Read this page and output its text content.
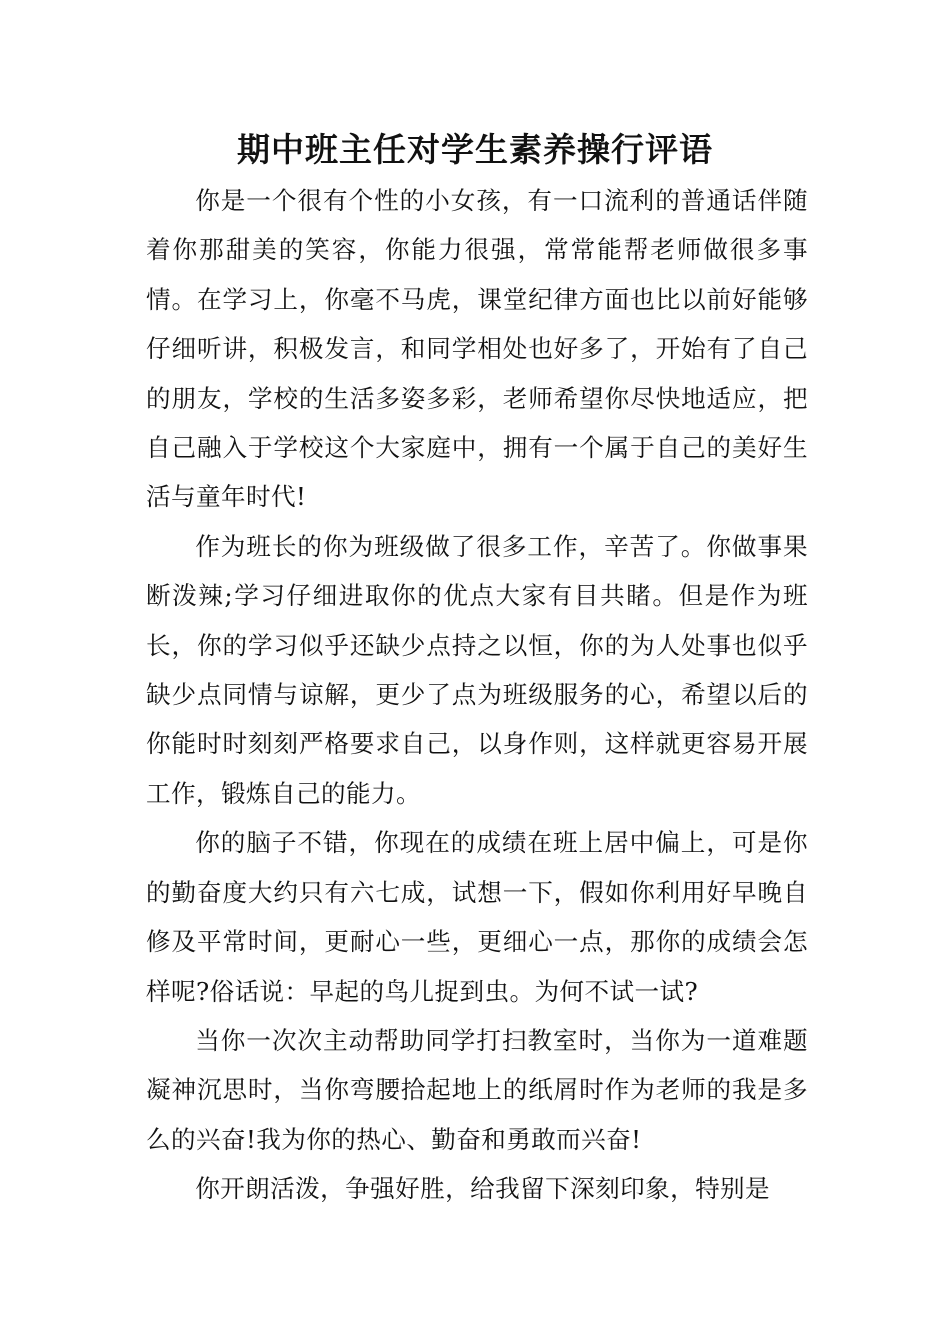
期中班主任对学生素养操行评语

你是一个很有个性的小女孩，有一口流利的普通话伴随着你那甜美的笑容，你能力很强，常常能帮老师做很多事情。在学习上，你毫不马虎，课堂纪律方面也比以前好能够仔细听讲，积极发言，和同学相处也好多了，开始有了自己的朋友，学校的生活多姿多彩，老师希望你尽快地适应，把自己融入于学校这个大家庭中，拥有一个属于自己的美好生活与童年时代!

作为班长的你为班级做了很多工作，辛苦了。你做事果断泼辣;学习仔细进取你的优点大家有目共睹。但是作为班长，你的学习似乎还缺少点持之以恒，你的为人处事也似乎缺少点同情与谅解，更少了点为班级服务的心，希望以后的你能时时刻刻严格要求自己，以身作则，这样就更容易开展工作，锻炼自己的能力。

你的脑子不错，你现在的成绩在班上居中偏上，可是你的勤奋度大约只有六七成，试想一下，假如你利用好早晚自修及平常时间，更耐心一些，更细心一点，那你的成绩会怎样呢?俗话说：早起的鸟儿捉到虫。为何不试一试?

当你一次次主动帮助同学打扫教室时，当你为一道难题凝神沉思时，当你弯腰拾起地上的纸屑时作为老师的我是多么的兴奋!我为你的热心、勤奋和勇敢而兴奋!

你开朗活泼，争强好胜，给我留下深刻印象，特别是
